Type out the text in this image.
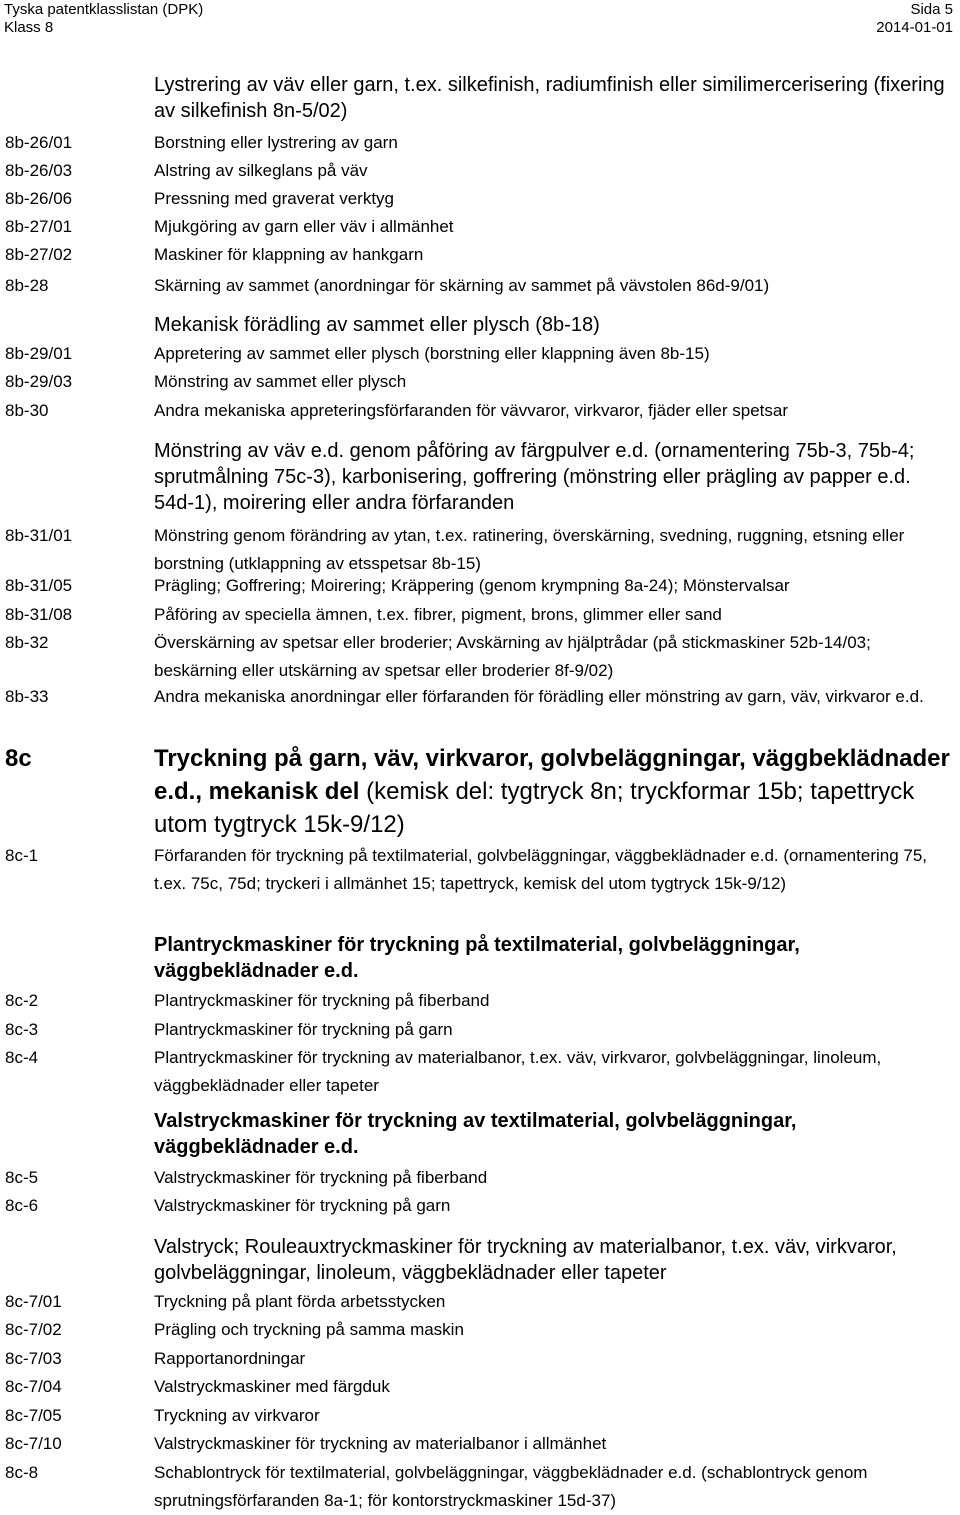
Tyska patentklasslistan (DPK)
Klass 8
Sida 5
2014-01-01

Lystrering av väv eller garn, t.ex. silkefinish, radiumfinish eller similimercerisering (fixering av silkefinish 8n-5/02)

8b-26/01	Borstning eller lystrering av garn

8b-26/03	Alstring av silkeglans på väv

8b-26/06	Pressning med graverat verktyg

8b-27/01	Mjukgöring av garn eller väv i allmänhet

8b-27/02	Maskiner för klappning av hankgarn

8b-28	Skärning av sammet (anordningar för skärning av sammet på vävstolen 86d-9/01)

Mekanisk förädling av sammet eller plysch (8b-18)

8b-29/01	Appretering av sammet eller plysch (borstning eller klappning även 8b-15)

8b-29/03	Mönstring av sammet eller plysch

8b-30	Andra mekaniska appreteringsförfaranden för vävvaror, virkvaror, fjäder eller spetsar

Mönstring av väv e.d. genom påföring av färgpulver e.d. (ornamentering 75b-3, 75b-4; sprutmålning 75c-3), karbonisering, goffrering (mönstring eller prägling av papper e.d. 54d-1), moirering eller andra förfaranden

8b-31/01	Mönstring genom förändring av ytan, t.ex. ratinering, överskärning, svedning, ruggning, etsning eller borstning (utklappning av etsspetsar 8b-15)

8b-31/05	Prägling; Goffrering; Moirering; Kräppering (genom krympning 8a-24); Mönstervalsar

8b-31/08	Påföring av speciella ämnen, t.ex. fibrer, pigment, brons, glimmer eller sand

8b-32	Överskärning av spetsar eller broderier; Avskärning av hjälptrådar (på stickmaskiner 52b-14/03; beskärning eller utskärning av spetsar eller broderier 8f-9/02)

8b-33	Andra mekaniska anordningar eller förfaranden för förädling eller mönstring av garn, väv, virkvaror e.d.

8c	Tryckning på garn, väv, virkvaror, golvbeläggningar, väggbeklädnader e.d., mekanisk del (kemisk del: tygtryck 8n; tryckformar 15b; tapettryck utom tygtryck 15k-9/12)

8c-1	Förfaranden för tryckning på textilmaterial, golvbeläggningar, väggbeklädnader e.d. (ornamentering 75, t.ex. 75c, 75d; tryckeri i allmänhet 15; tapettryck, kemisk del utom tygtryck 15k-9/12)

Plantryckmaskiner för tryckning på textilmaterial, golvbeläggningar, väggbeklädnader e.d.

8c-2	Plantryckmaskiner för tryckning på fiberband

8c-3	Plantryckmaskiner för tryckning på garn

8c-4	Plantryckmaskiner för tryckning av materialbanor, t.ex. väv, virkvaror, golvbeläggningar, linoleum, väggbeklädnader eller tapeter

Valstryckmaskiner för tryckning av textilmaterial, golvbeläggningar, väggbeklädnader e.d.

8c-5	Valstryckmaskiner för tryckning på fiberband

8c-6	Valstryckmaskiner för tryckning på garn

Valstryck; Rouleauxtryckmaskiner för tryckning av materialbanor, t.ex. väv, virkvaror, golvbeläggningar, linoleum, väggbeklädnader eller tapeter

8c-7/01	Tryckning på plant förda arbetsstycken

8c-7/02	Prägling och tryckning på samma maskin

8c-7/03	Rapportanordningar

8c-7/04	Valstryckmaskiner med färgduk

8c-7/05	Tryckning av virkvaror

8c-7/10	Valstryckmaskiner för tryckning av materialbanor i allmänhet

8c-8	Schablontryck för textilmaterial, golvbeläggningar, väggbeklädnader e.d. (schablontryck genom sprutningsförfaranden 8a-1; för kontorstryckmaskiner 15d-37)
